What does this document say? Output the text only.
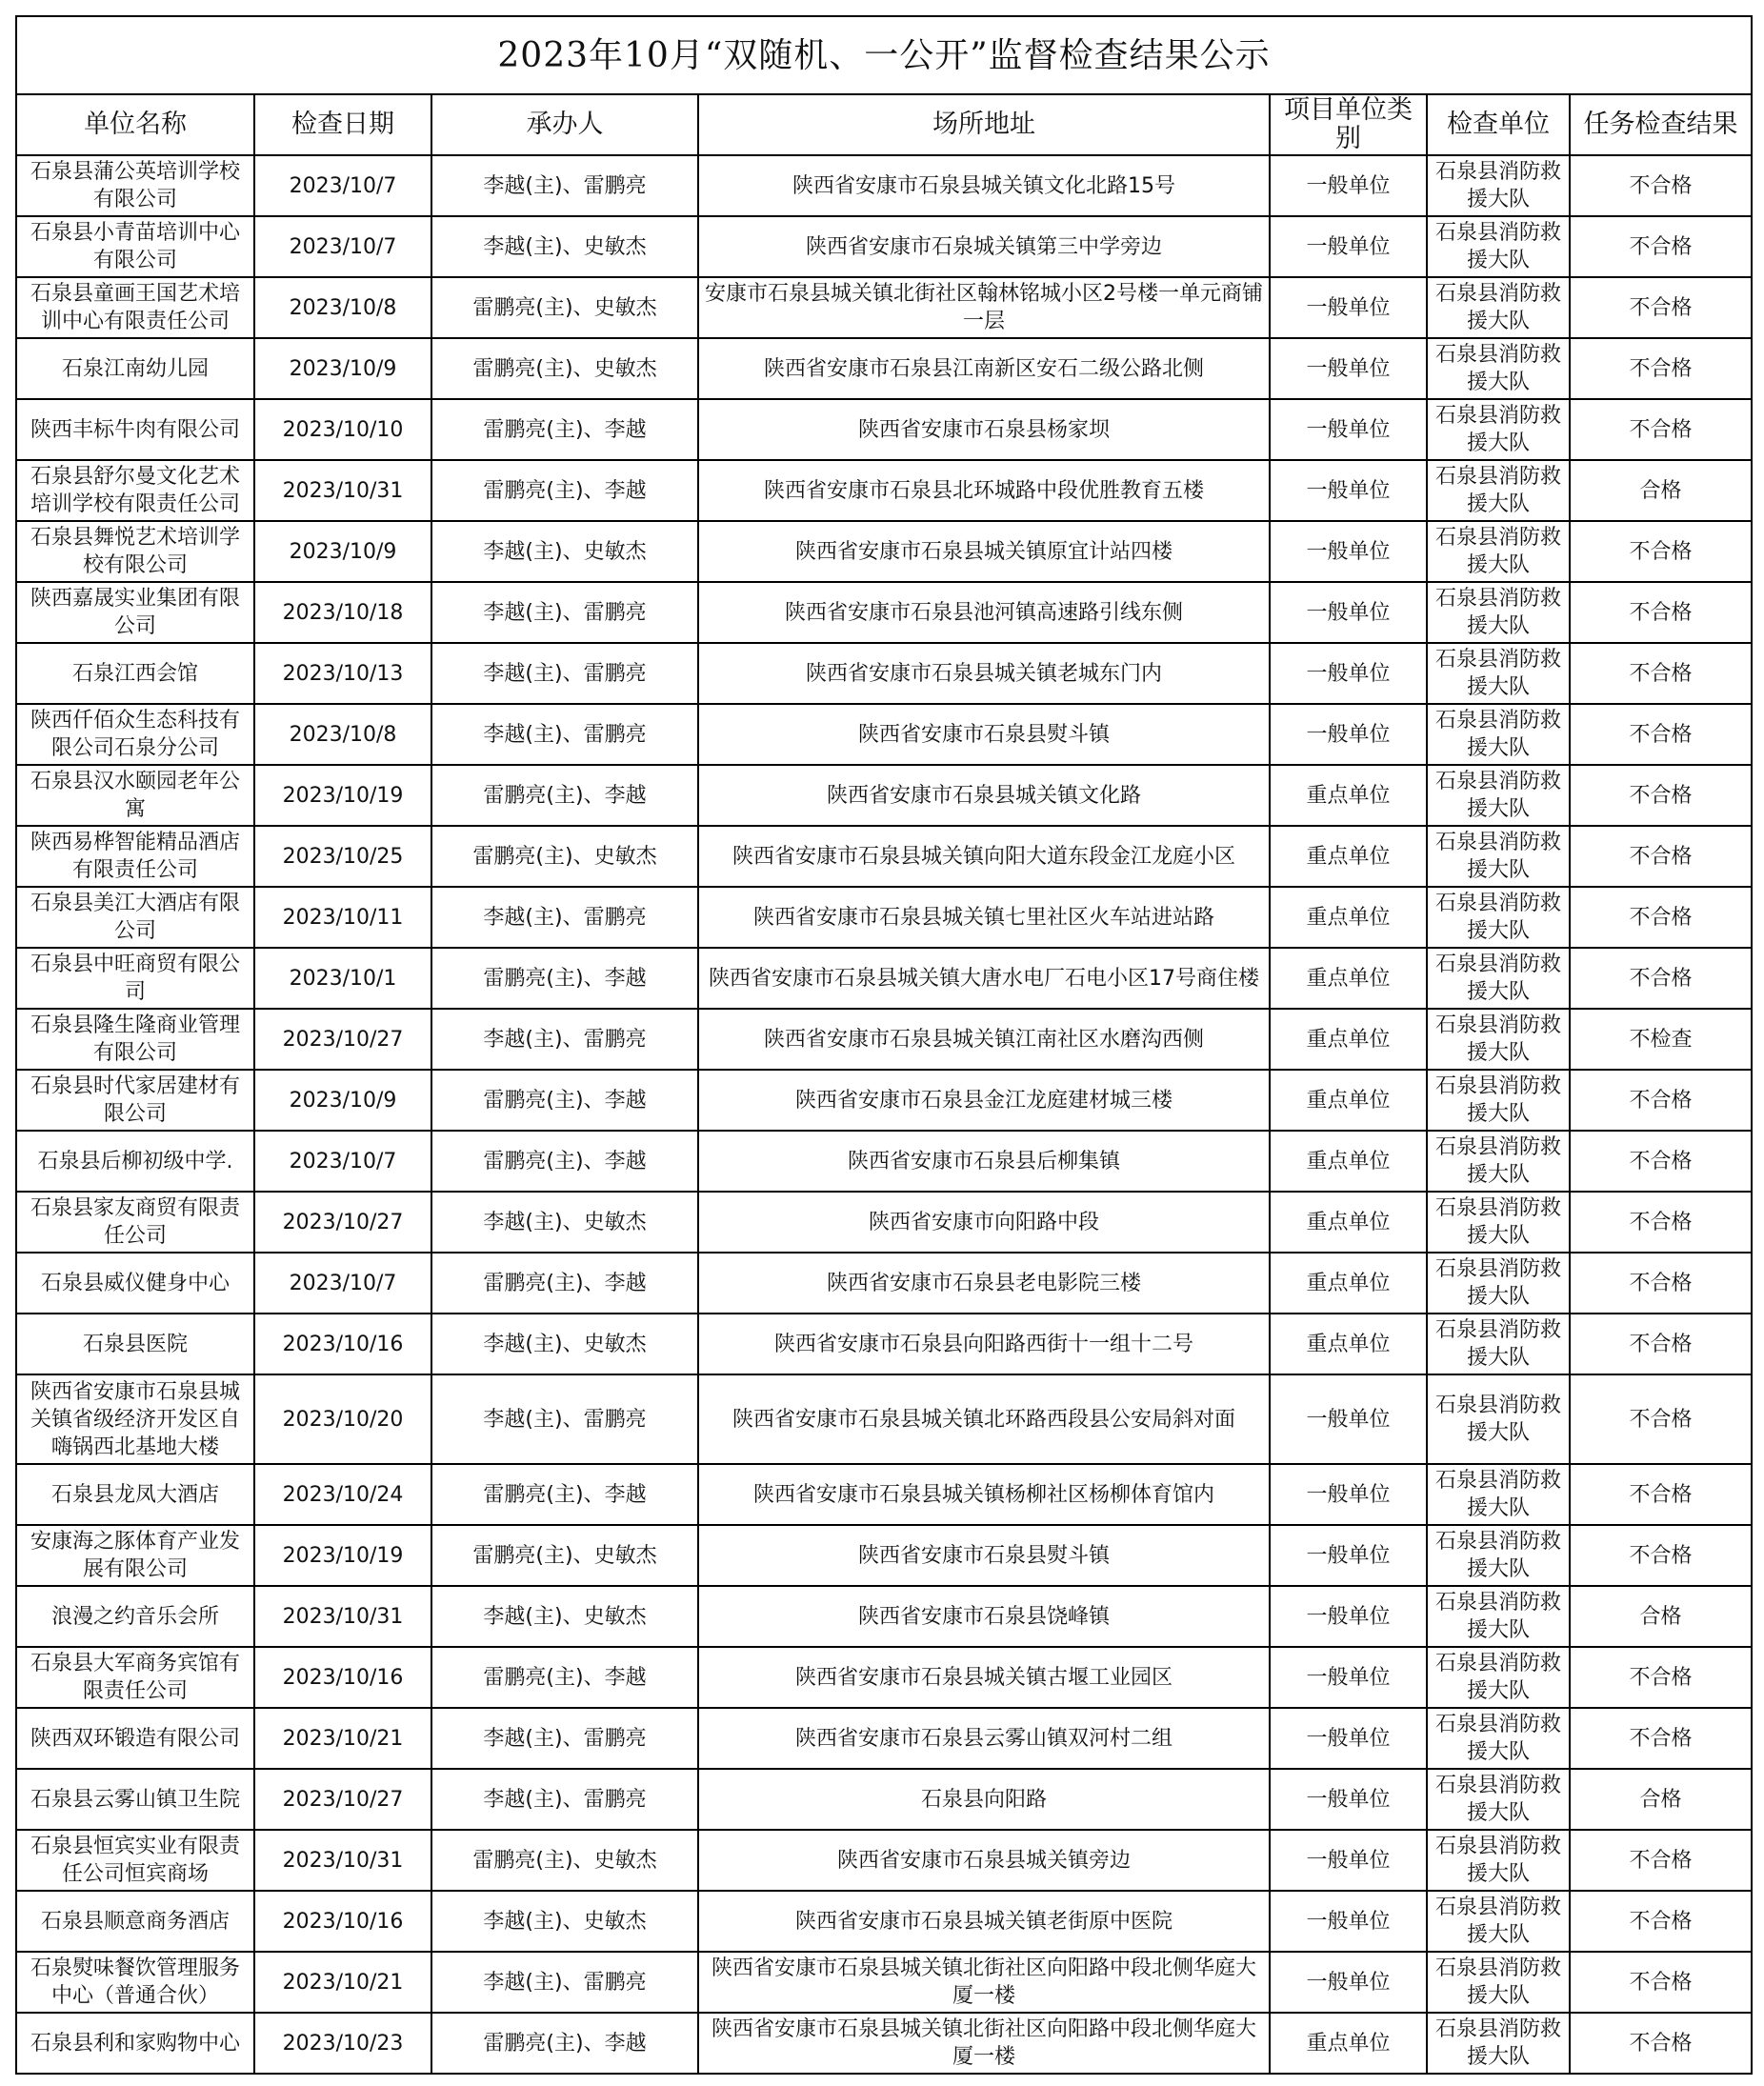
2023年10月“双随机、一公开”监督检查结果公示						
单位名称	检查日期	承办人	场所地址	项目单位类别	检查单位	任务检查结果
石泉县蒲公英培训学校有限公司	2023/10/7	李越(主)、雷鹏亮	陕西省安康市石泉县城关镇文化北路15号	一般单位	石泉县消防救援大队	不合格
石泉县小青苗培训中心有限公司	2023/10/7	李越(主)、史敏杰	陕西省安康市石泉城关镇第三中学旁边	一般单位	石泉县消防救援大队	不合格
石泉县童画王国艺术培训中心有限责任公司	2023/10/8	雷鹏亮(主)、史敏杰	安康市石泉县城关镇北街社区翰林铭城小区2号楼一单元商铺一层	一般单位	石泉县消防救援大队	不合格
石泉江南幼儿园	2023/10/9	雷鹏亮(主)、史敏杰	陕西省安康市石泉县江南新区安石二级公路北侧	一般单位	石泉县消防救援大队	不合格
陕西丰标牛肉有限公司	2023/10/10	雷鹏亮(主)、李越	陕西省安康市石泉县杨家坝	一般单位	石泉县消防救援大队	不合格
石泉县舒尔曼文化艺术培训学校有限责任公司	2023/10/31	雷鹏亮(主)、李越	陕西省安康市石泉县北环城路中段优胜教育五楼	一般单位	石泉县消防救援大队	合格
石泉县舞悦艺术培训学校有限公司	2023/10/9	李越(主)、史敏杰	陕西省安康市石泉县城关镇原宜计站四楼	一般单位	石泉县消防救援大队	不合格
陕西嘉晟实业集团有限公司	2023/10/18	李越(主)、雷鹏亮	陕西省安康市石泉县池河镇高速路引线东侧	一般单位	石泉县消防救援大队	不合格
石泉江西会馆	2023/10/13	李越(主)、雷鹏亮	陕西省安康市石泉县城关镇老城东门内	一般单位	石泉县消防救援大队	不合格
陕西仟佰众生态科技有限公司石泉分公司	2023/10/8	李越(主)、雷鹏亮	陕西省安康市石泉县熨斗镇	一般单位	石泉县消防救援大队	不合格
石泉县汉水颐园老年公寓	2023/10/19	雷鹏亮(主)、李越	陕西省安康市石泉县城关镇文化路	重点单位	石泉县消防救援大队	不合格
陕西易桦智能精品酒店有限责任公司	2023/10/25	雷鹏亮(主)、史敏杰	陕西省安康市石泉县城关镇向阳大道东段金江龙庭小区	重点单位	石泉县消防救援大队	不合格
石泉县美江大酒店有限公司	2023/10/11	李越(主)、雷鹏亮	陕西省安康市石泉县城关镇七里社区火车站进站路	重点单位	石泉县消防救援大队	不合格
石泉县中旺商贸有限公司	2023/10/1	雷鹏亮(主)、李越	陕西省安康市石泉县城关镇大唐水电厂石电小区17号商住楼	重点单位	石泉县消防救援大队	不合格
石泉县隆生隆商业管理有限公司	2023/10/27	李越(主)、雷鹏亮	陕西省安康市石泉县城关镇江南社区水磨沟西侧	重点单位	石泉县消防救援大队	不检查
石泉县时代家居建材有限公司	2023/10/9	雷鹏亮(主)、李越	陕西省安康市石泉县金江龙庭建材城三楼	重点单位	石泉县消防救援大队	不合格
石泉县后柳初级中学.	2023/10/7	雷鹏亮(主)、李越	陕西省安康市石泉县后柳集镇	重点单位	石泉县消防救援大队	不合格
石泉县家友商贸有限责任公司	2023/10/27	李越(主)、史敏杰	陕西省安康市向阳路中段	重点单位	石泉县消防救援大队	不合格
石泉县威仪健身中心	2023/10/7	雷鹏亮(主)、李越	陕西省安康市石泉县老电影院三楼	重点单位	石泉县消防救援大队	不合格
石泉县医院	2023/10/16	李越(主)、史敏杰	陕西省安康市石泉县向阳路西街十一组十二号	重点单位	石泉县消防救援大队	不合格
陕西省安康市石泉县城关镇省级经济开发区自嗨锅西北基地大楼	2023/10/20	李越(主)、雷鹏亮	陕西省安康市石泉县城关镇北环路西段县公安局斜对面	一般单位	石泉县消防救援大队	不合格
石泉县龙凤大酒店	2023/10/24	雷鹏亮(主)、李越	陕西省安康市石泉县城关镇杨柳社区杨柳体育馆内	一般单位	石泉县消防救援大队	不合格
安康海之豚体育产业发展有限公司	2023/10/19	雷鹏亮(主)、史敏杰	陕西省安康市石泉县熨斗镇	一般单位	石泉县消防救援大队	不合格
浪漫之约音乐会所	2023/10/31	李越(主)、史敏杰	陕西省安康市石泉县饶峰镇	一般单位	石泉县消防救援大队	合格
石泉县大军商务宾馆有限责任公司	2023/10/16	雷鹏亮(主)、李越	陕西省安康市石泉县城关镇古堰工业园区	一般单位	石泉县消防救援大队	不合格
陕西双环锻造有限公司	2023/10/21	李越(主)、雷鹏亮	陕西省安康市石泉县云雾山镇双河村二组	一般单位	石泉县消防救援大队	不合格
石泉县云雾山镇卫生院	2023/10/27	李越(主)、雷鹏亮	石泉县向阳路	一般单位	石泉县消防救援大队	合格
石泉县恒宾实业有限责任公司恒宾商场	2023/10/31	雷鹏亮(主)、史敏杰	陕西省安康市石泉县城关镇旁边	一般单位	石泉县消防救援大队	不合格
石泉县顺意商务酒店	2023/10/16	李越(主)、史敏杰	陕西省安康市石泉县城关镇老街原中医院	一般单位	石泉县消防救援大队	不合格
石泉熨味餐饮管理服务中心（普通合伙）	2023/10/21	李越(主)、雷鹏亮	陕西省安康市石泉县城关镇北街社区向阳路中段北侧华庭大厦一楼	一般单位	石泉县消防救援大队	不合格
石泉县利和家购物中心	2023/10/23	雷鹏亮(主)、李越	陕西省安康市石泉县城关镇北街社区向阳路中段北侧华庭大厦一楼	重点单位	石泉县消防救援大队	不合格
